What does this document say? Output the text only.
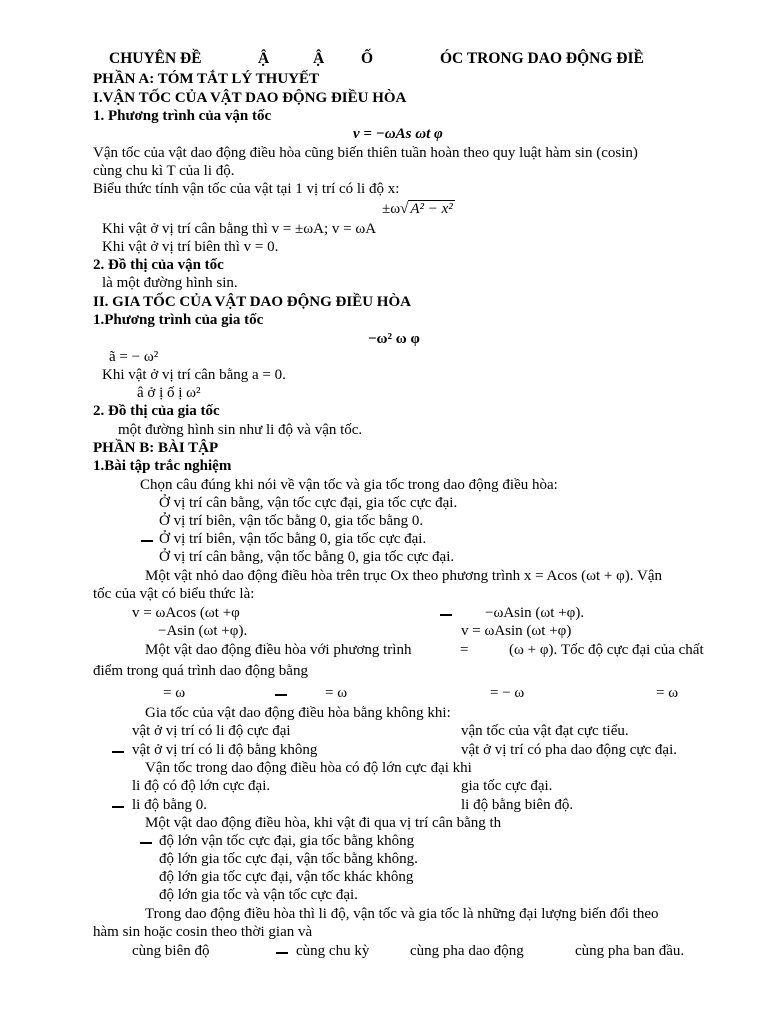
CHUYÊN ĐỀ	Ậ	Ậ Ố	ÓC TRONG DAO ĐỘNG ĐIỀ
PHẦN A: TÓM TẮT LÝ THUYẾT
I.VẬN TỐC CỦA VẬT DAO ĐỘNG ĐIỀU HÒA
1. Phương trình của vận tốc
v = −ωAs ωt φ
Vận tốc của vật dao động điều hòa cũng biến thiên tuần hoàn theo quy luật hàm sin (cosin)
cùng chu kì T của li độ.
Biểu thức tính vận tốc của vật tại 1 vị trí có li độ x:
±ω√ A² − x²
Khi vật ở vị trí cân bằng thì v = ±ωA; v = ωA
Khi vật ở vị trí biên thì v = 0.
2. Đồ thị của vận tốc
là một đường hình sin.
II. GIA TỐC CỦA VẬT DAO ĐỘNG ĐIỀU HÒA
1.Phương trình của gia tốc
−ω² ω φ
ã = − ω²
Khi vật ở vị trí cân bằng a = 0.
â ở ị ố ị ω²
2. Đồ thị của gia tốc
một đường hình sin như li độ và vận tốc.
PHẦN B: BÀI TẬP
1.Bài tập trắc nghiệm
Chọn câu đúng khi nói về vận tốc và gia tốc trong dao động điều hòa:
Ở vị trí cân bằng, vận tốc cực đại, gia tốc cực đại.
Ở vị trí biên, vận tốc bằng 0, gia tốc bằng 0.
Ở vị trí biên, vận tốc bằng 0, gia tốc cực đại.
Ở vị trí cân bằng, vận tốc bằng 0, gia tốc cực đại.
Một vật nhỏ dao động điều hòa trên trục Ox theo phương trình x = Acos (ωt + φ). Vận
tốc của vật có biểu thức là:
v = ωAcos (ωt +φ	−ωAsin (ωt +φ).
−Asin (ωt +φ).	v = ωAsin (ωt +φ)
Một vật dao động điều hòa với phương trình	=	(ω + φ). Tốc độ cực đại của chất
điểm trong quá trình dao động bằng
= ω	= ω	= − ω	= ω
Gia tốc của vật dao động điều hòa bằng không khi:
vật ở vị trí có li độ cực đại	vận tốc của vật đạt cực tiểu.
vật ở vị trí có li độ bằng không	vật ở vị trí có pha dao động cực đại.
Vận tốc trong dao động điều hòa có độ lớn cực đại khi
li độ có độ lớn cực đại.	gia tốc cực đại.
li độ bằng 0.	li độ bằng biên độ.
Một vật dao động điều hòa, khi vật đi qua vị trí cân bằng th
độ lớn vận tốc cực đại, gia tốc bằng không
độ lớn gia tốc cực đại, vận tốc bằng không.
độ lớn gia tốc cực đại, vận tốc khác không
độ lớn gia tốc và vận tốc cực đại.
Trong dao động điều hòa thì li độ, vận tốc và gia tốc là những đại lượng biến đổi theo
hàm sin hoặc cosin theo thời gian và
cùng biên độ	cùng chu kỳ	cùng pha dao động	cùng pha ban đầu.
